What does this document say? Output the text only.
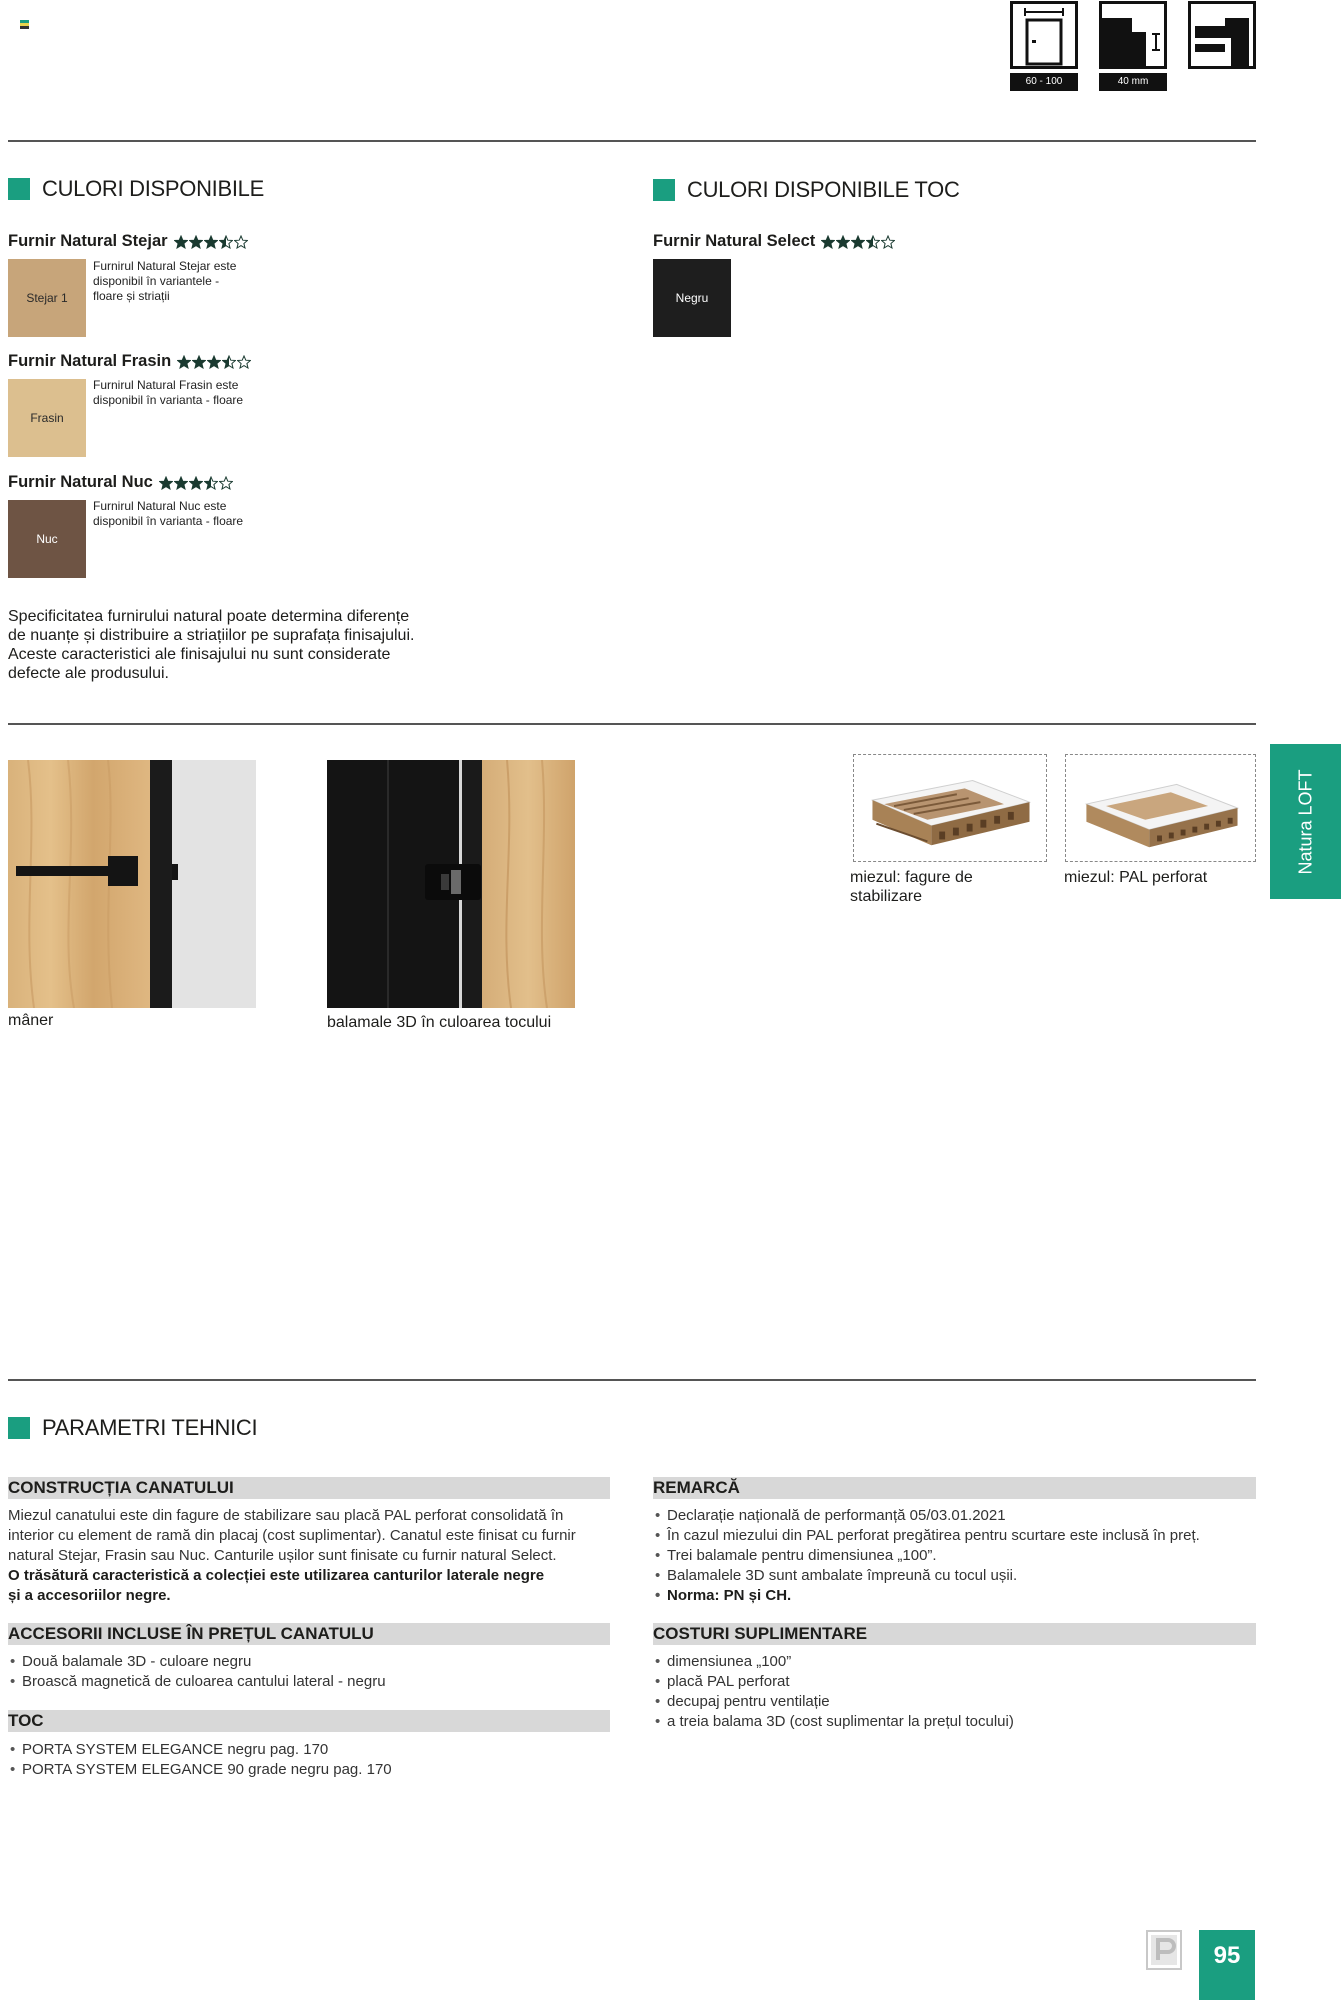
60 - 100	40 mm
CULORI DISPONIBILE
Furnir Natural Stejar
Stejar 1
Furnirul Natural Stejar este
disponibil în variantele -
floare și striații
Furnir Natural Frasin
Frasin
Furnirul Natural Frasin este
disponibil în varianta - floare
Furnir Natural Nuc
Nuc
Furnirul Natural Nuc este
disponibil în varianta - floare
Specificitatea furnirului natural poate determina diferențe
de nuanțe și distribuire a striațiilor pe suprafața finisajului.
Aceste caracteristici ale finisajului nu sunt considerate
defecte ale produsului.
CULORI DISPONIBILE TOC
Furnir Natural Select
Negru
mâner	balamale 3D în culoarea tocului
miezul: fagure de
stabilizare
miezul: PAL perforat
Natura LOFT
PARAMETRI TEHNICI
CONSTRUCȚIA CANATULUI
Miezul canatului este din fagure de stabilizare sau placă PAL perforat consolidată în
interior cu element de ramă din placaj (cost suplimentar). Canatul este finisat cu furnir
natural Stejar, Frasin sau Nuc. Canturile ușilor sunt finisate cu furnir natural Select.
O trăsătură caracteristică a colecției este utilizarea canturilor laterale negre
și a accesoriilor negre.
ACCESORII INCLUSE ÎN PREȚUL CANATULU
• Două balamale 3D - culoare negru
• Broască magnetică de culoarea cantului lateral - negru
TOC
• PORTA SYSTEM ELEGANCE negru pag. 170
• PORTA SYSTEM ELEGANCE 90 grade negru pag. 170
REMARCĂ
• Declarație națională de performanță 05/03.01.2021
• În cazul miezului din PAL perforat pregătirea pentru scurtare este inclusă în preț.
• Trei balamale pentru dimensiunea „100”.
• Balamalele 3D sunt ambalate împreună cu tocul ușii.
• Norma: PN și CH.
COSTURI SUPLIMENTARE
• dimensiunea „100”
• placă PAL perforat
• decupaj pentru ventilație
• a treia balama 3D (cost suplimentar la prețul tocului)
95
